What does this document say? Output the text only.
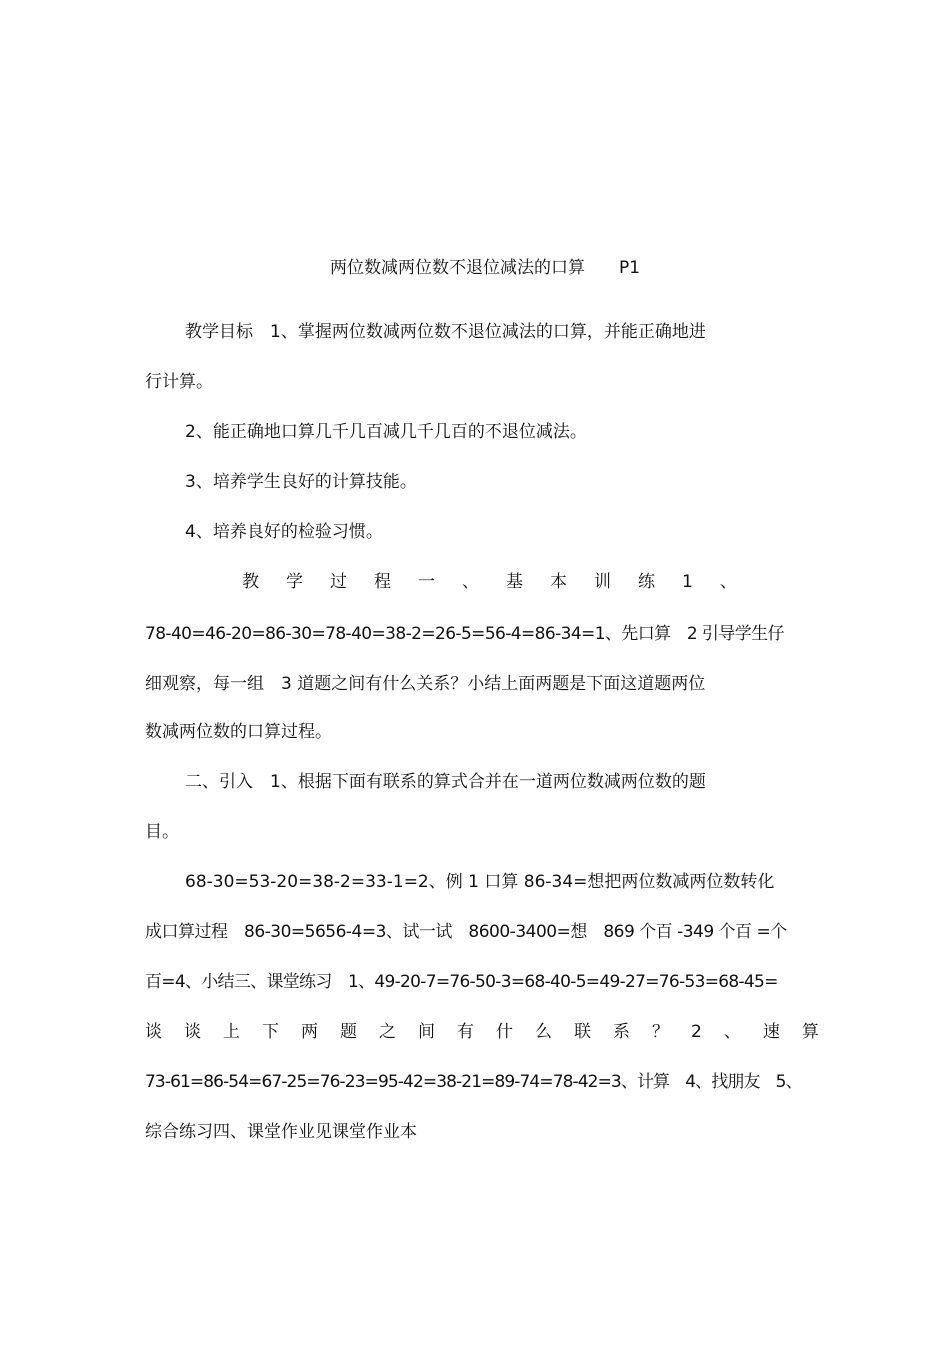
两位数减两位数不退位减法的口算　　P1
教学目标　1、掌握两位数减两位数不退位减法的口算，并能正确地进
行计算。
2、能正确地口算几千几百减几千几百的不退位减法。
3、培养学生良好的计算技能。
4、培养良好的检验习惯。
教学过程一、基本训练1、
78-40=46-20=86-30=78-40=38-2=26-5=56-4=86-34=1、先口算　2 引导学生仔
细观察，每一组　3 道题之间有什么关系？小结上面两题是下面这道题两位
数减两位数的口算过程。
二、引入　1、根据下面有联系的算式合并在一道两位数减两位数的题
目。
68-30=53-20=38-2=33-1=2、例 1 口算 86-34=想把两位数减两位数转化
成口算过程　86-30=5656-4=3、试一试　8600-3400=想　869 个百 -349 个百 =个
百=4、小结三、课堂练习　1、49-20-7=76-50-3=68-40-5=49-27=76-53=68-45=
谈谈上下两题之间有什么联系？2、速算
73-61=86-54=67-25=76-23=95-42=38-21=89-74=78-42=3、计算　4、找朋友　5、
综合练习四、课堂作业见课堂作业本
